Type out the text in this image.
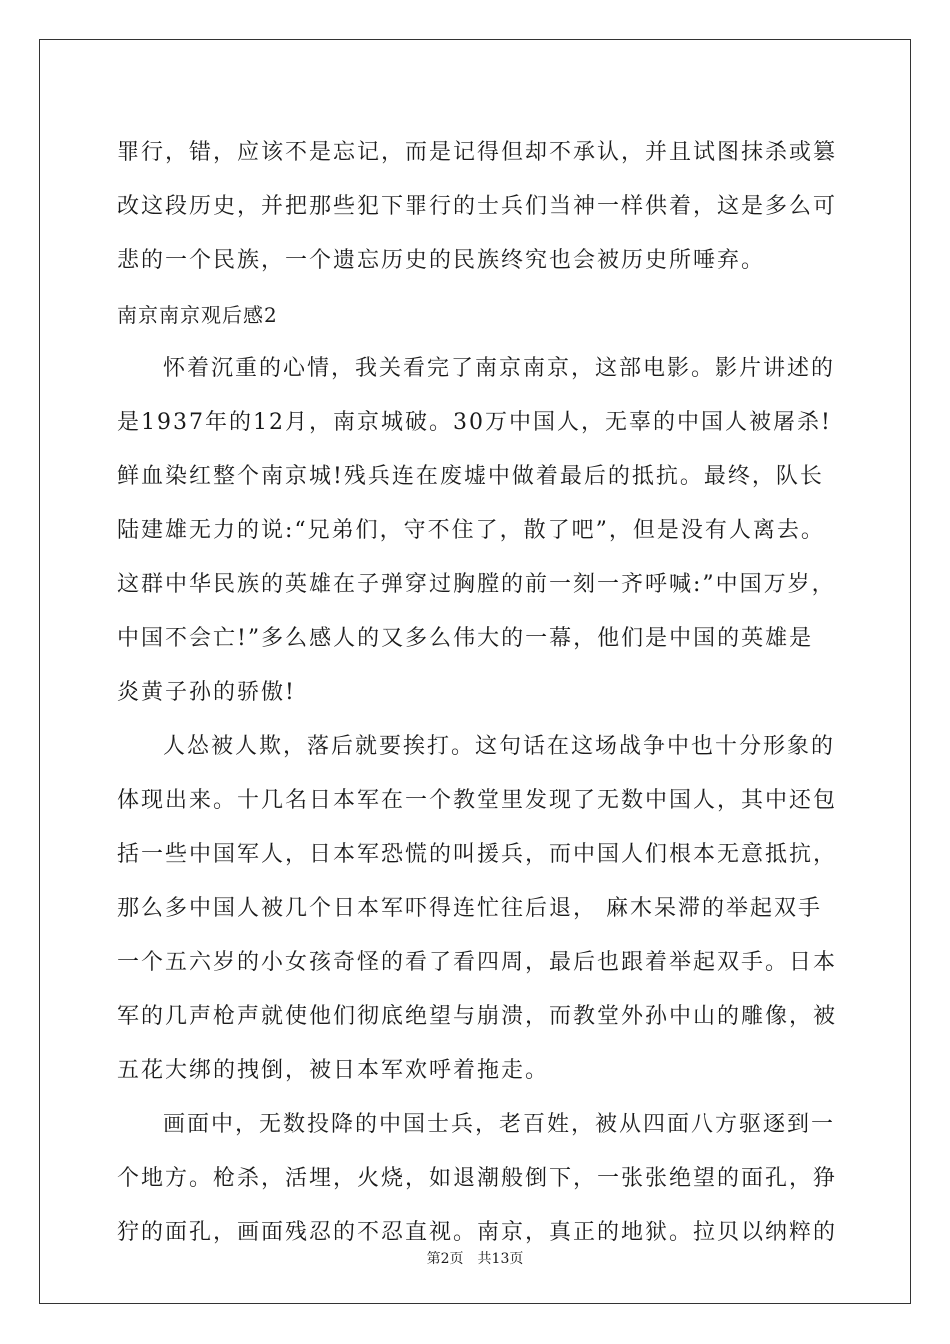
罪行，错，应该不是忘记，而是记得但却不承认，并且试图抹杀或篡
改这段历史，并把那些犯下罪行的士兵们当神一样供着，这是多么可
悲的一个民族，一个遗忘历史的民族终究也会被历史所唾弃。
南京南京观后感2
怀着沉重的心情，我关看完了南京南京，这部电影。影片讲述的
是1937年的12月，南京城破。30万中国人，无辜的中国人被屠杀!
鲜血染红整个南京城!残兵连在废墟中做着最后的抵抗。最终，队长
陆建雄无力的说:“兄弟们，守不住了，散了吧”，但是没有人离去。
这群中华民族的英雄在子弹穿过胸膛的前一刻一齐呼喊:”中国万岁，
中国不会亡!”多么感人的又多么伟大的一幕，他们是中国的英雄是
炎黄子孙的骄傲!
人怂被人欺，落后就要挨打。这句话在这场战争中也十分形象的
体现出来。十几名日本军在一个教堂里发现了无数中国人，其中还包
括一些中国军人，日本军恐慌的叫援兵，而中国人们根本无意抵抗，
那么多中国人被几个日本军吓得连忙往后退， 麻木呆滞的举起双手
一个五六岁的小女孩奇怪的看了看四周，最后也跟着举起双手。日本
军的几声枪声就使他们彻底绝望与崩溃，而教堂外孙中山的雕像，被
五花大绑的拽倒，被日本军欢呼着拖走。
画面中，无数投降的中国士兵，老百姓，被从四面八方驱逐到一
个地方。枪杀，活埋，火烧，如退潮般倒下，一张张绝望的面孔，狰
狞的面孔，画面残忍的不忍直视。南京，真正的地狱。拉贝以纳粹的
第2页 共13页
